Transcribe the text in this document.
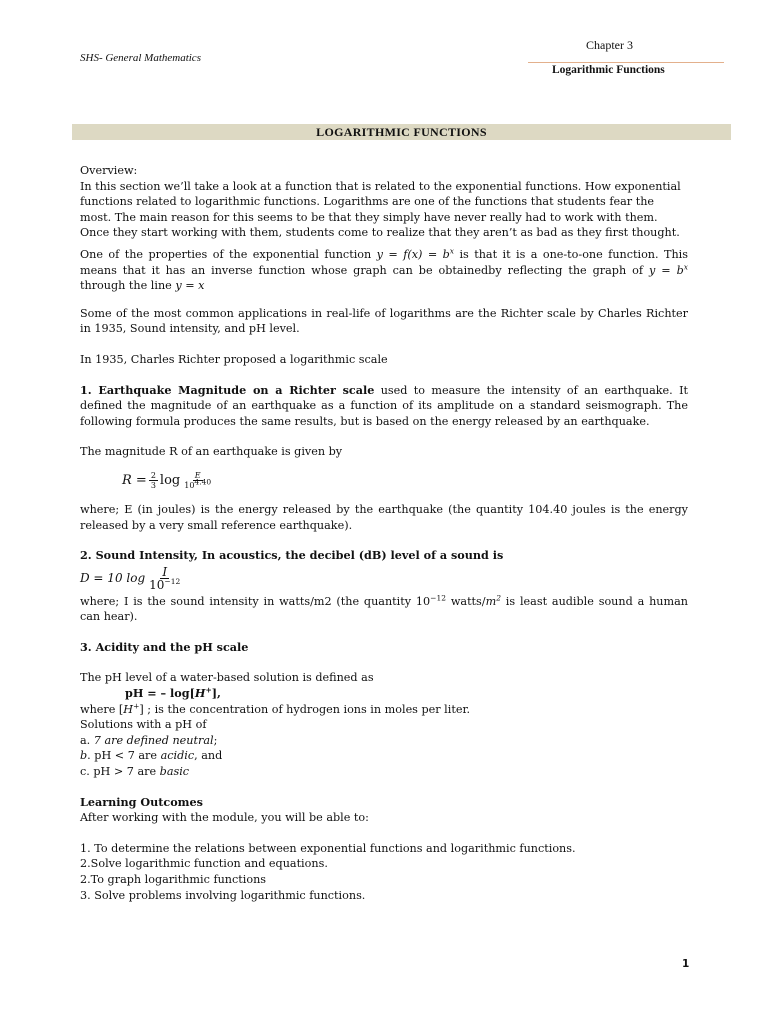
SHS- General Mathematics
Chapter 3
Logarithmic Functions
LOGARITHMIC FUNCTIONS

Overview:

In this section we’ll take a look at a function that is related to the exponential functions. How exponential functions related to logarithmic functions. Logarithms are one of the functions that students fear the most. The main reason for this seems to be that they simply have never really had to work with them. Once they start working with them, students come to realize that they aren’t as bad as they first thought.

One of the properties of the exponential function $y = f(x) = b^x$ is that it is a one-to-one function. This means that it has an inverse function whose graph can be obtainedby reflecting the graph of $y = b^x$ through the line y = x

Some of the most common applications in real-life of logarithms are the Richter scale by Charles Richter in 1935, Sound intensity, and pH level.

In 1935, Charles Richter proposed a logarithmic scale

1. Earthquake Magnitude on a Richter scale used to measure the intensity of an earthquake. It defined the magnitude of an earthquake as a function of its amplitude on a standard seismograph. The following formula produces the same results, but is based on the energy released by an earthquake.

The magnitude R of an earthquake is given by

$R = \frac{2}{3}$ $\log \frac{E}{10^{4.40}}$

where; E (in joules) is the energy released by the earthquake (the quantity 104.40 joules is the energy released by a very small reference earthquake).

2. Sound Intensity, In acoustics, the decibel (dB) level of a sound is

D = 10 $\log \frac{I}{10^{-12}}$

where; I is the sound intensity in watts/m2 (the quantity $10^{-12}$ watts/$m^2$ is least audible sound a human can hear).

3. Acidity and the pH scale

The pH level of a water-based solution is defined as

pH = – log[H+],

where [H+] ; is the concentration of hydrogen ions in moles per liter.

Solutions with a pH of

a. 7 are defined neutral;

b. pH < 7 are acidic, and

c. pH > 7 are basic

Learning Outcomes

After working with the module, you will be able to:

1. To determine the relations between exponential functions and logarithmic functions.

2.Solve logarithmic function and equations.

2.To graph logarithmic functions

3. Solve problems involving logarithmic functions.

1
